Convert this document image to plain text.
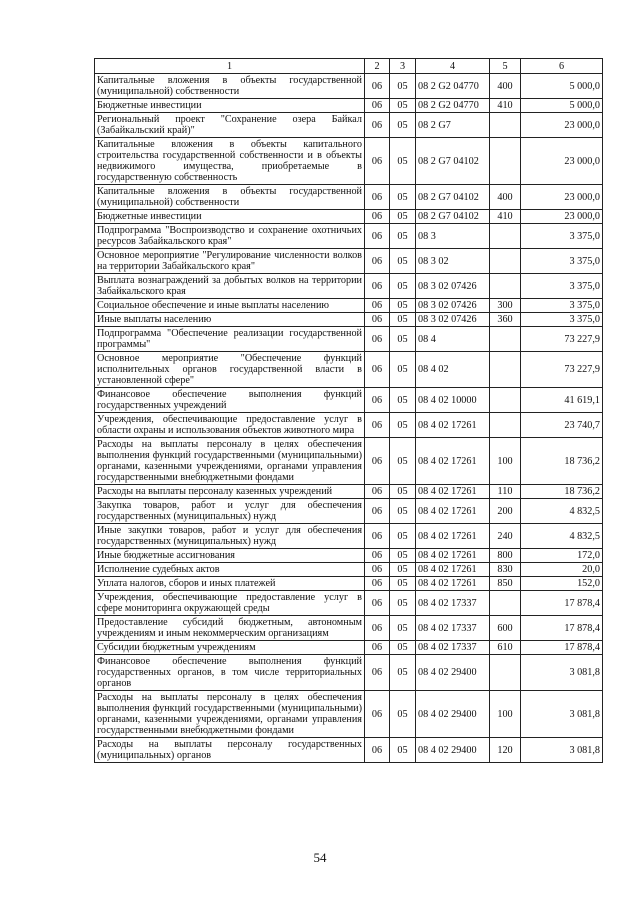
1	2	3	4	5	6
Капитальные вложения в объекты государственной (муниципальной) собственности	06	05	08 2 G2 04770	400	5 000,0
Бюджетные инвестиции	06	05	08 2 G2 04770	410	5 000,0
Региональный проект "Сохранение озера Байкал (Забайкальский край)"	06	05	08 2 G7		23 000,0
Капитальные вложения в объекты капитального строительства государственной собственности и в объекты недвижимого имущества, приобретаемые в государственную собственность	06	05	08 2 G7 04102		23 000,0
Капитальные вложения в объекты государственной (муниципальной) собственности	06	05	08 2 G7 04102	400	23 000,0
Бюджетные инвестиции	06	05	08 2 G7 04102	410	23 000,0
Подпрограмма "Воспроизводство и сохранение охотничьих ресурсов Забайкальского края"	06	05	08 3		3 375,0
Основное мероприятие "Регулирование численности волков на территории Забайкальского края"	06	05	08 3 02		3 375,0
Выплата вознаграждений за добытых волков на территории Забайкальского края	06	05	08 3 02 07426		3 375,0
Социальное обеспечение и иные выплаты населению	06	05	08 3 02 07426	300	3 375,0
Иные выплаты населению	06	05	08 3 02 07426	360	3 375,0
Подпрограмма "Обеспечение реализации государственной программы"	06	05	08 4		73 227,9
Основное мероприятие "Обеспечение функций исполнительных органов государственной власти в установленной сфере"	06	05	08 4 02		73 227,9
Финансовое обеспечение выполнения функций государственных учреждений	06	05	08 4 02 10000		41 619,1
Учреждения, обеспечивающие предоставление услуг в области охраны и использования объектов животного мира	06	05	08 4 02 17261		23 740,7
Расходы на выплаты персоналу в целях обеспечения выполнения функций государственными (муниципальными) органами, казенными учреждениями, органами управления государственными внебюджетными фондами	06	05	08 4 02 17261	100	18 736,2
Расходы на выплаты персоналу казенных учреждений	06	05	08 4 02 17261	110	18 736,2
Закупка товаров, работ и услуг для обеспечения государственных (муниципальных) нужд	06	05	08 4 02 17261	200	4 832,5
Иные закупки товаров, работ и услуг для обеспечения государственных (муниципальных) нужд	06	05	08 4 02 17261	240	4 832,5
Иные бюджетные ассигнования	06	05	08 4 02 17261	800	172,0
Исполнение судебных актов	06	05	08 4 02 17261	830	20,0
Уплата налогов, сборов и иных платежей	06	05	08 4 02 17261	850	152,0
Учреждения, обеспечивающие предоставление услуг в сфере мониторинга окружающей среды	06	05	08 4 02 17337		17 878,4
Предоставление субсидий бюджетным, автономным учреждениям и иным некоммерческим организациям	06	05	08 4 02 17337	600	17 878,4
Субсидии бюджетным учреждениям	06	05	08 4 02 17337	610	17 878,4
Финансовое обеспечение выполнения функций государственных органов, в том числе территориальных органов	06	05	08 4 02 29400		3 081,8
Расходы на выплаты персоналу в целях обеспечения выполнения функций государственными (муниципальными) органами, казенными учреждениями, органами управления государственными внебюджетными фондами	06	05	08 4 02 29400	100	3 081,8
Расходы на выплаты персоналу государственных (муниципальных) органов	06	05	08 4 02 29400	120	3 081,8
54
